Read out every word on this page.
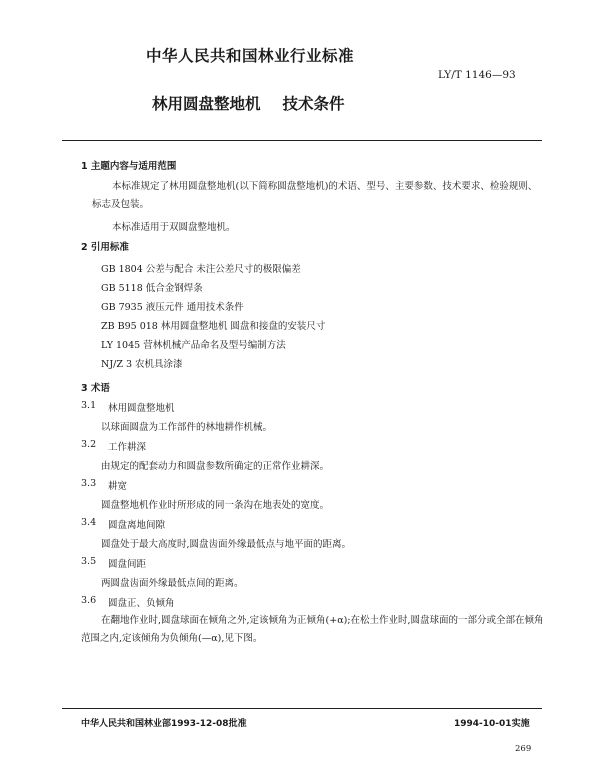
中华人民共和国林业行业标准
LY/T 1146—93
林用圆盘整地机 技术条件
1 主题内容与适用范围
本标准规定了林用圆盘整地机(以下简称圆盘整地机)的术语、型号、主要参数、技术要求、检验规则、标志及包装。
本标准适用于双圆盘整地机。
2 引用标准
GB 1804 公差与配合 未注公差尺寸的极限偏差
GB 5118 低合金钢焊条
GB 7935 液压元件 通用技术条件
ZB B95 018 林用圆盘整地机 圆盘和接盘的安装尺寸
LY 1045 营林机械产品命名及型号编制方法
NJ/Z 3 农机具涂漆
3 术语
3.1 林用圆盘整地机
以球面圆盘为工作部件的林地耕作机械。
3.2 工作耕深
由规定的配套动力和圆盘参数所确定的正常作业耕深。
3.3 耕宽
圆盘整地机作业时所形成的同一条沟在地表处的宽度。
3.4 圆盘离地间隙
圆盘处于最大高度时,圆盘齿面外缘最低点与地平面的距离。
3.5 圆盘间距
两圆盘齿面外缘最低点间的距离。
3.6 圆盘正、负倾角
在翻地作业时,圆盘球面在倾角之外,定该倾角为正倾角(+α);在松土作业时,圆盘球面的一部分或全部在倾角范围之内,定该倾角为负倾角(—α),见下图。
中华人民共和国林业部1993-12-08批准	1994-10-01实施
269
